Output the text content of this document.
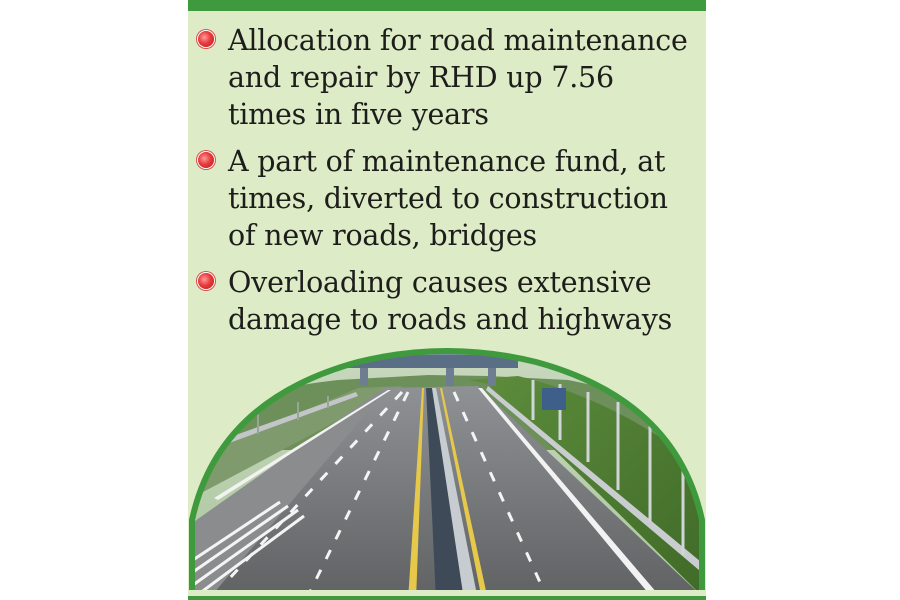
Allocation for road maintenance and repair by RHD up 7.56 times in five years
A part of maintenance fund, at times, diverted to construction of new roads, bridges
Overloading causes extensive damage to roads and highways
